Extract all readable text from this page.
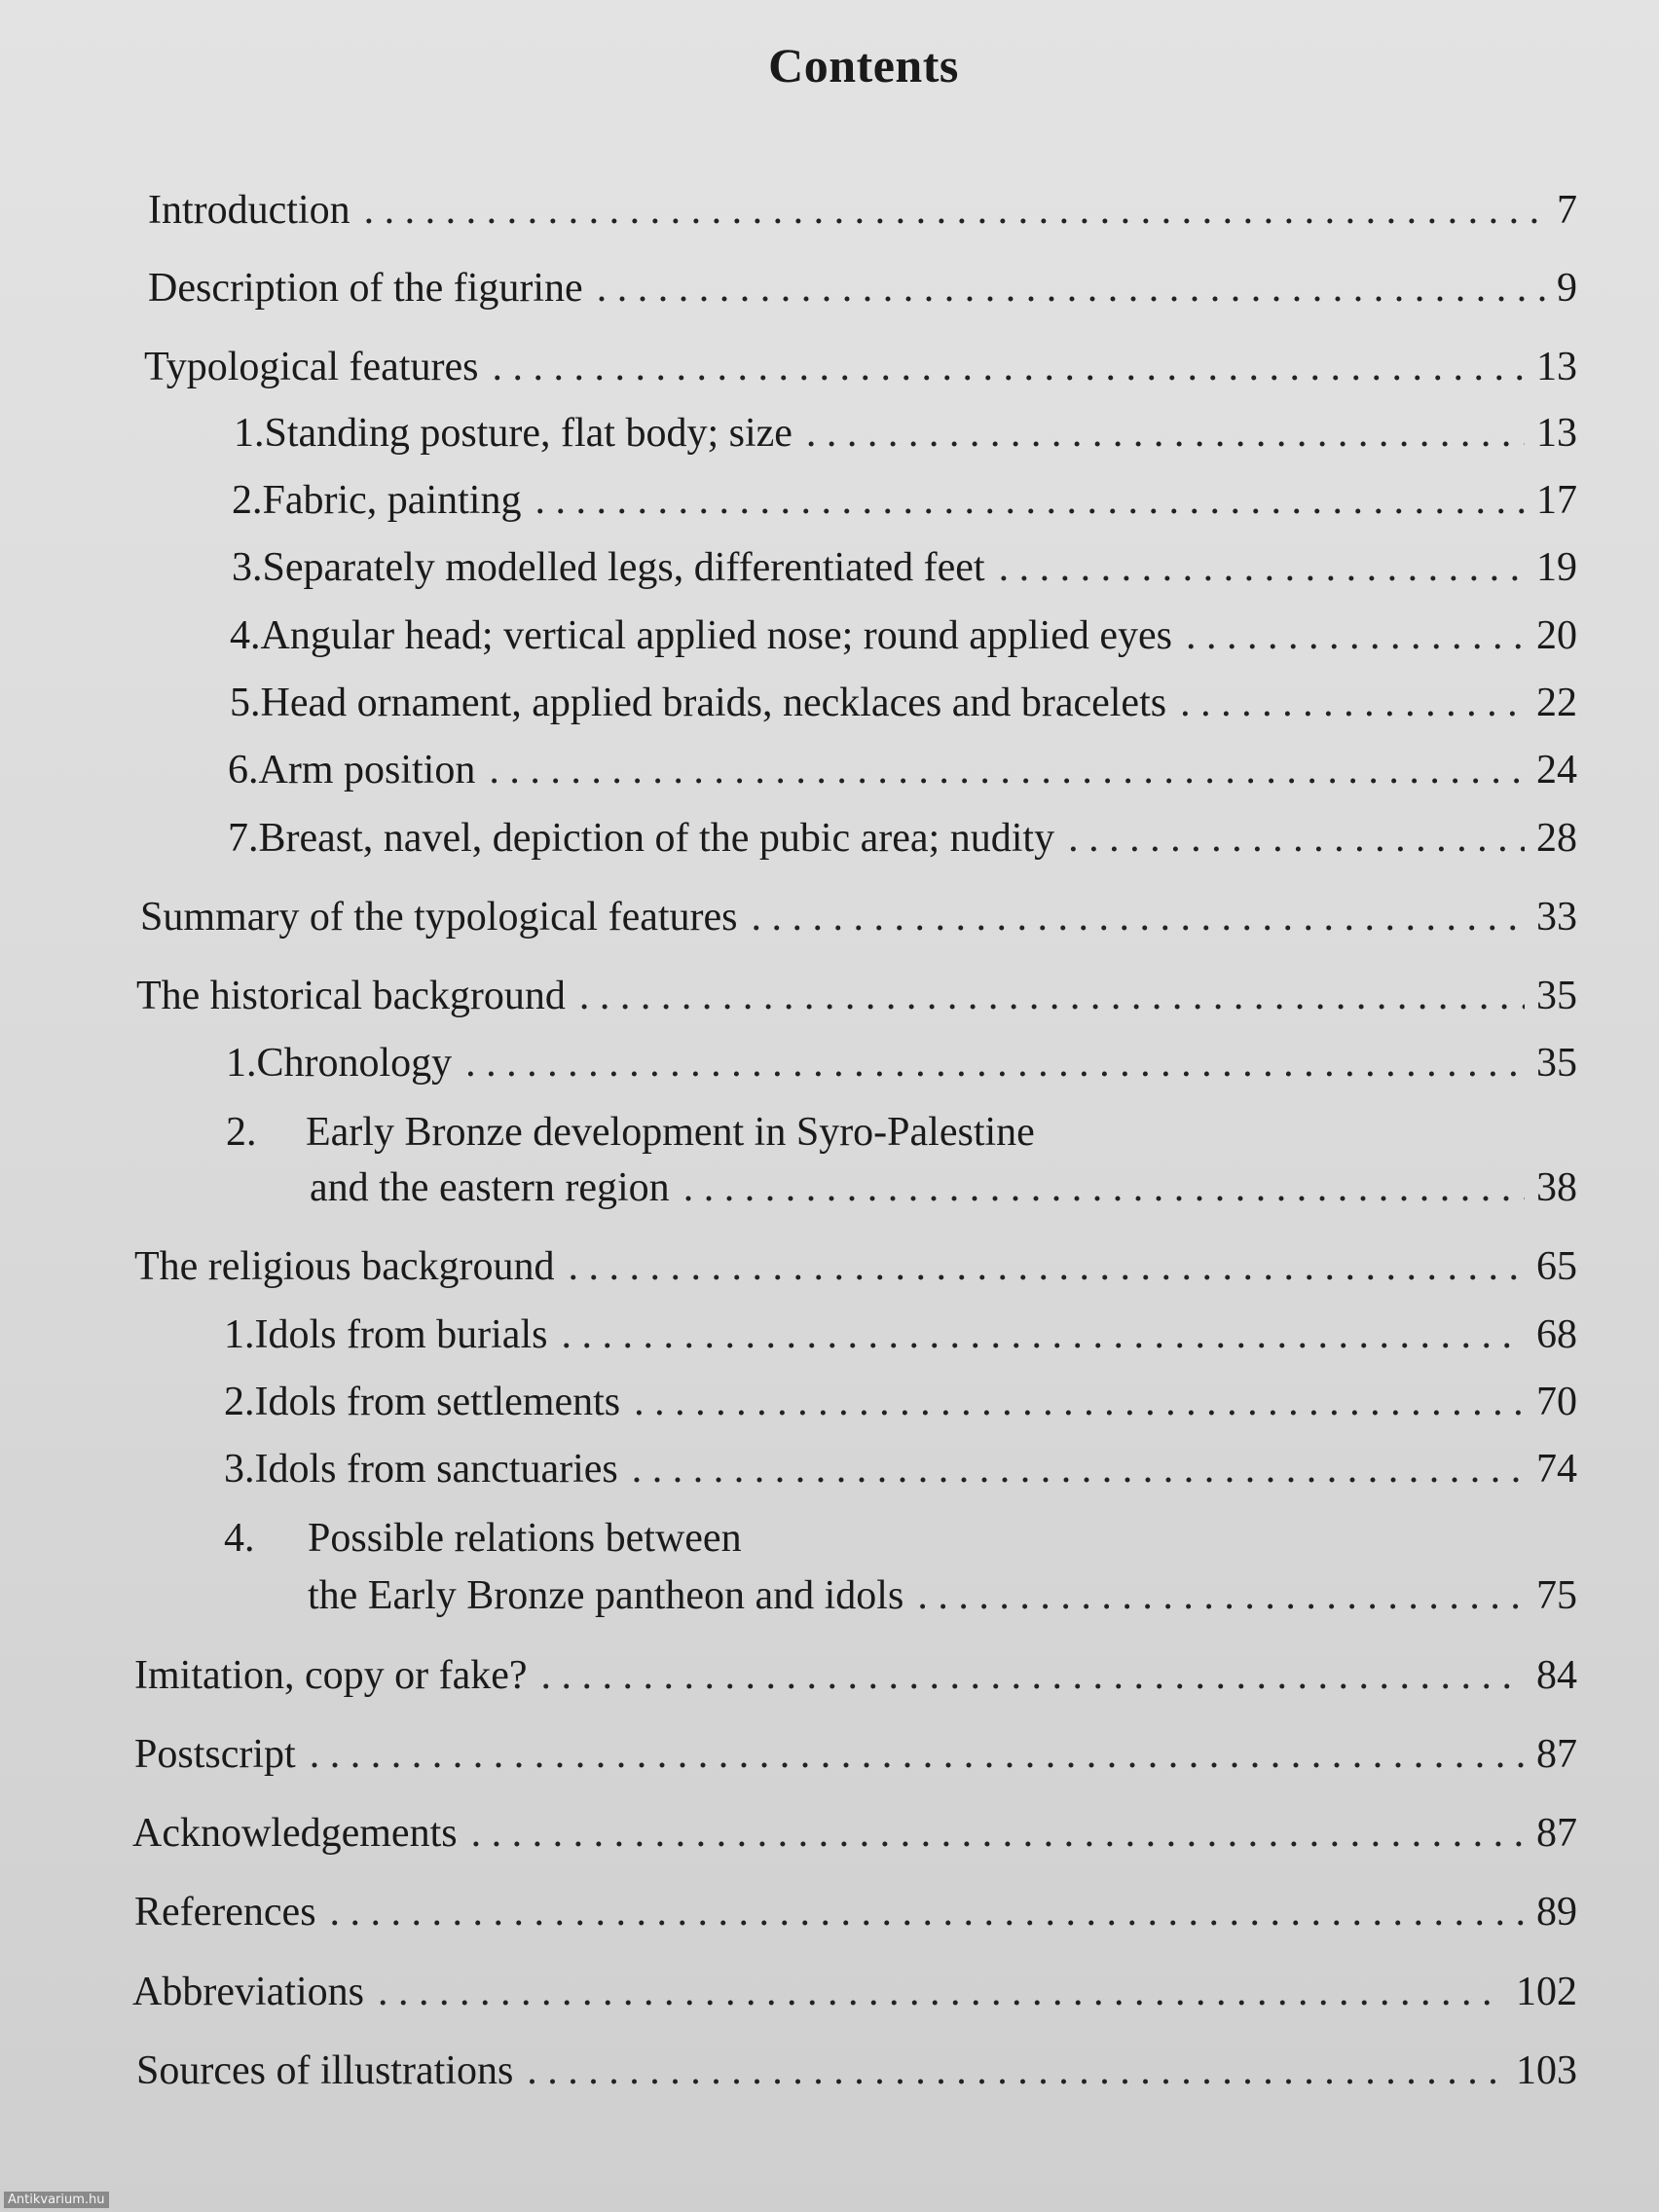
Contents
Introduction . . .	7
Description of the figurine . . .	9
Typological features . . .	13
1. Standing posture, flat body; size . . .	13
2. Fabric, painting . . .	17
3. Separately modelled legs, differentiated feet . . .	19
4. Angular head; vertical applied nose; round applied eyes . . .	20
5. Head ornament, applied braids, necklaces and bracelets . . .	22
6. Arm position . . .	24
7. Breast, navel, depiction of the pubic area; nudity . . .	28
Summary of the typological features . . .	33
The historical background . . .	35
1. Chronology . . .	35
2. Early Bronze development in Syro-Palestine
and the eastern region . . .	38
The religious background . . .	65
1. Idols from burials . . .	68
2. Idols from settlements . . .	70
3. Idols from sanctuaries . . .	74
4. Possible relations between
the Early Bronze pantheon and idols . . .	75
Imitation, copy or fake? . . .	84
Postscript . . .	87
Acknowledgements . . .	87
References . . .	89
Abbreviations . . .	102
Sources of illustrations . . .	103
Antikvarium.hu
